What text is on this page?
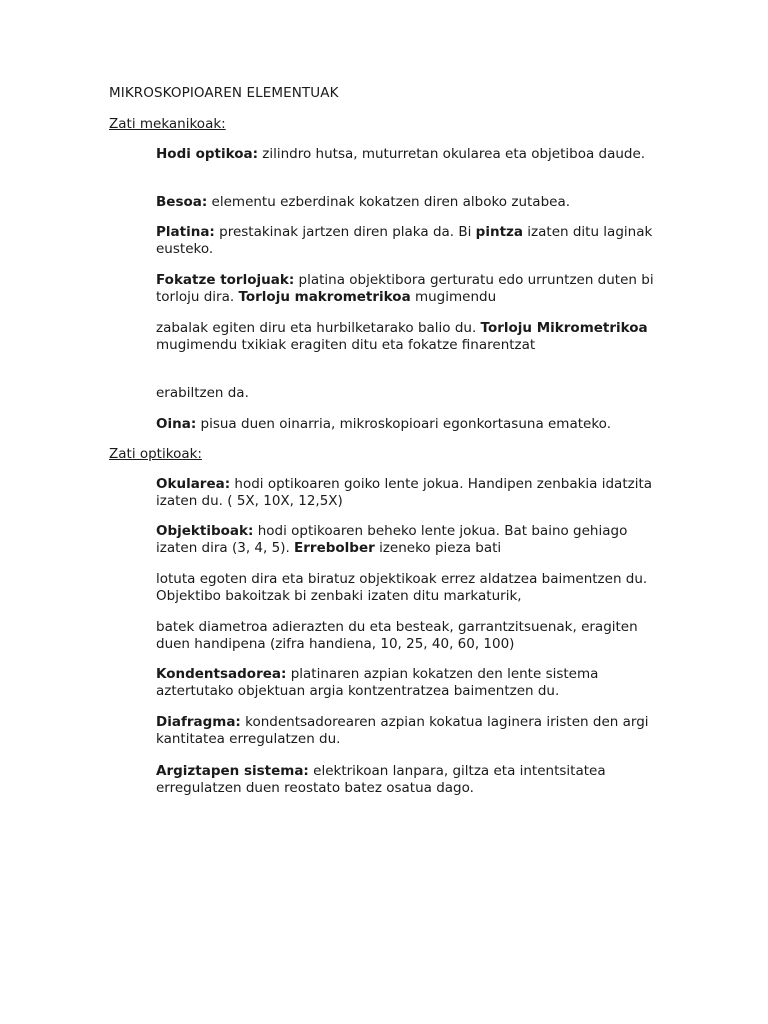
MIKROSKOPIOAREN ELEMENTUAK

Zati mekanikoak:

Hodi optikoa: zilindro hutsa, muturretan okularea eta objetiboa daude.

Besoa: elementu ezberdinak kokatzen diren alboko zutabea.

Platina: prestakinak jartzen diren plaka da. Bi pintza izaten ditu laginak eusteko.

Fokatze torlojuak: platina objektibora gerturatu edo urruntzen duten bi torloju dira. Torloju makrometrikoa mugimendu

zabalak egiten diru eta hurbilketarako balio du. Torloju Mikrometrikoa mugimendu txikiak eragiten ditu eta fokatze finarentzat

erabiltzen da.

Oina: pisua duen oinarria, mikroskopioari egonkortasuna emateko.

Zati optikoak:

Okularea: hodi optikoaren goiko lente jokua. Handipen zenbakia idatzita izaten du. ( 5X, 10X, 12,5X)

Objektiboak: hodi optikoaren beheko lente jokua. Bat baino gehiago izaten dira (3, 4, 5). Errebolber izeneko pieza bati

lotuta egoten dira eta biratuz objektikoak errez aldatzea baimentzen du. Objektibo bakoitzak bi zenbaki izaten ditu markaturik,

batek diametroa adierazten du eta besteak, garrantzitsuenak, eragiten duen handipena (zifra handiena, 10, 25, 40, 60, 100)

Kondentsadorea: platinaren azpian kokatzen den lente sistema aztertutako objektuan argia kontzentratzea baimentzen du.

Diafragma: kondentsadorearen azpian kokatua laginera iristen den argi kantitatea erregulatzen du.

Argiztapen sistema: elektrikoan lanpara, giltza eta intentsitatea erregulatzen duen reostato batez osatua dago.
